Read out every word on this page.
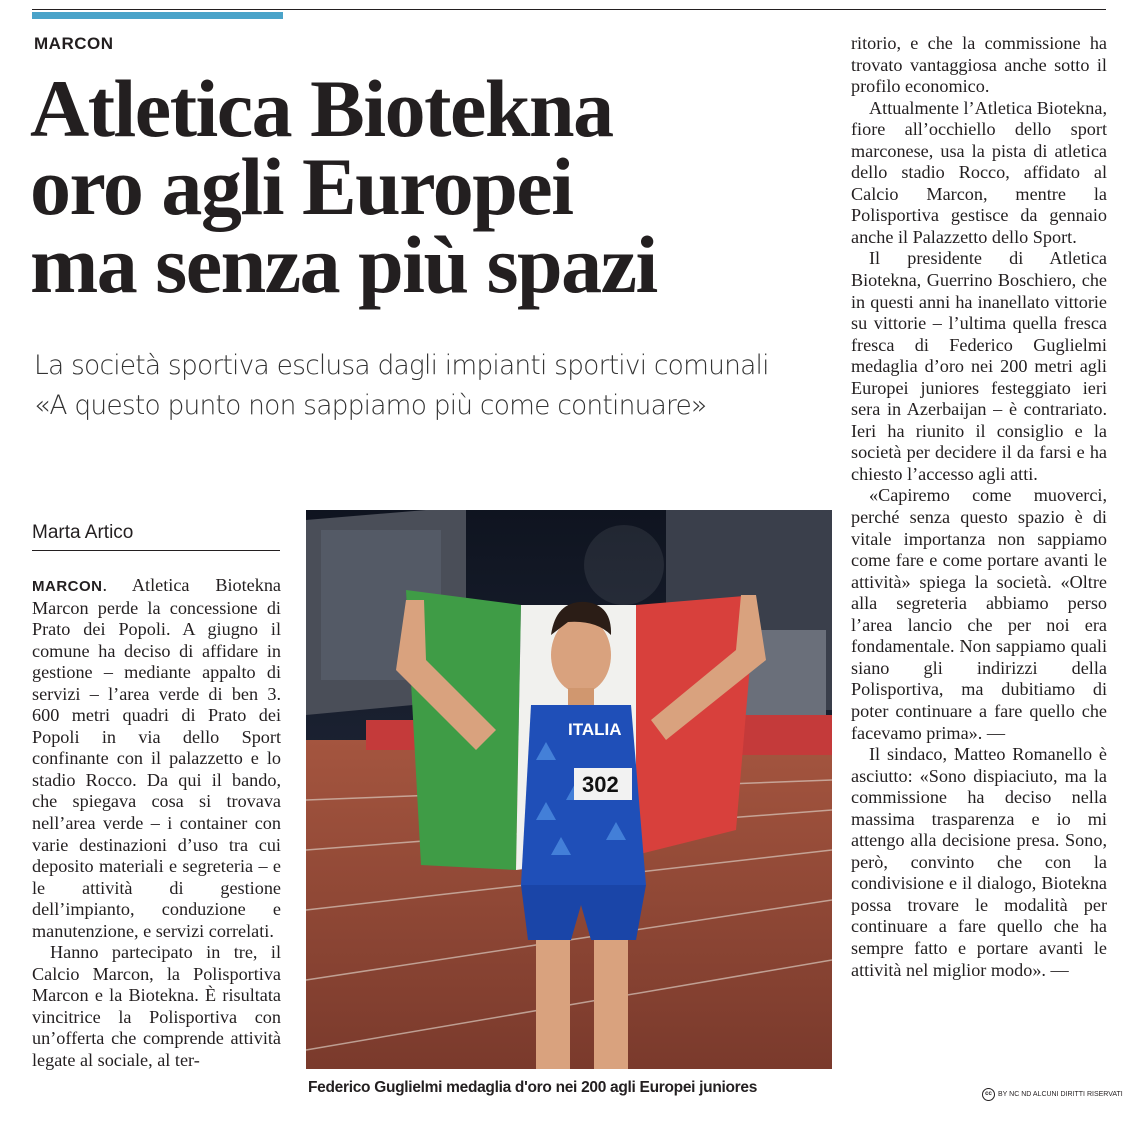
MARCON
Atletica Biotekna
oro agli Europei
ma senza più spazi
La società sportiva esclusa dagli impianti sportivi comunali
«A questo punto non sappiamo più come continuare»
Marta Artico

MARCON. Atletica Biotekna Marcon perde la concessione di Prato dei Popoli. A giugno il comune ha deciso di affidare in gestione – mediante appalto di servizi – l’area verde di ben 3. 600 metri quadri di Prato dei Popoli in via dello Sport confinante con il palazzetto e lo stadio Rocco. Da qui il bando, che spiegava cosa si trovava nell’area verde – i container con varie destinazioni d’uso tra cui deposito materiali e segreteria – e le attività di gestione dell’impianto, conduzione e manutenzione, e servizi correlati.

Hanno partecipato in tre, il Calcio Marcon, la Polisportiva Marcon e la Biotekna. È risultata vincitrice la Polisportiva con un’offerta che comprende attività legate al sociale, al ter-

ITALIA
302
Federico Guglielmi medaglia d'oro nei 200 agli Europei juniores

ritorio, e che la commissione ha trovato vantaggiosa anche sotto il profilo economico.

Attualmente l’Atletica Biotekna, fiore all’occhiello dello sport marconese, usa la pista di atletica dello stadio Rocco, affidato al Calcio Marcon, mentre la Polisportiva gestisce da gennaio anche il Palazzetto dello Sport.

Il presidente di Atletica Biotekna, Guerrino Boschiero, che in questi anni ha inanellato vittorie su vittorie – l’ultima quella fresca fresca di Federico Guglielmi medaglia d’oro nei 200 metri agli Europei juniores festeggiato ieri sera in Azerbaijan – è contrariato. Ieri ha riunito il consiglio e la società per decidere il da farsi e ha chiesto l’accesso agli atti.

«Capiremo come muoverci, perché senza questo spazio è di vitale importanza non sappiamo come fare e come portare avanti le attività» spiega la società. «Oltre alla segreteria abbiamo perso l’area lancio che per noi era fondamentale. Non sappiamo quali siano gli indirizzi della Polisportiva, ma dubitiamo di poter continuare a fare quello che facevamo prima». —

Il sindaco, Matteo Romanello è asciutto: «Sono dispiaciuto, ma la commissione ha deciso nella massima trasparenza e io mi attengo alla decisione presa. Sono, però, convinto che con la condivisione e il dialogo, Biotekna possa trovare le modalità per continuare a fare quello che ha sempre fatto e portare avanti le attività nel miglior modo». —

cc BY NC ND ALCUNI DIRITTI RISERVATI
